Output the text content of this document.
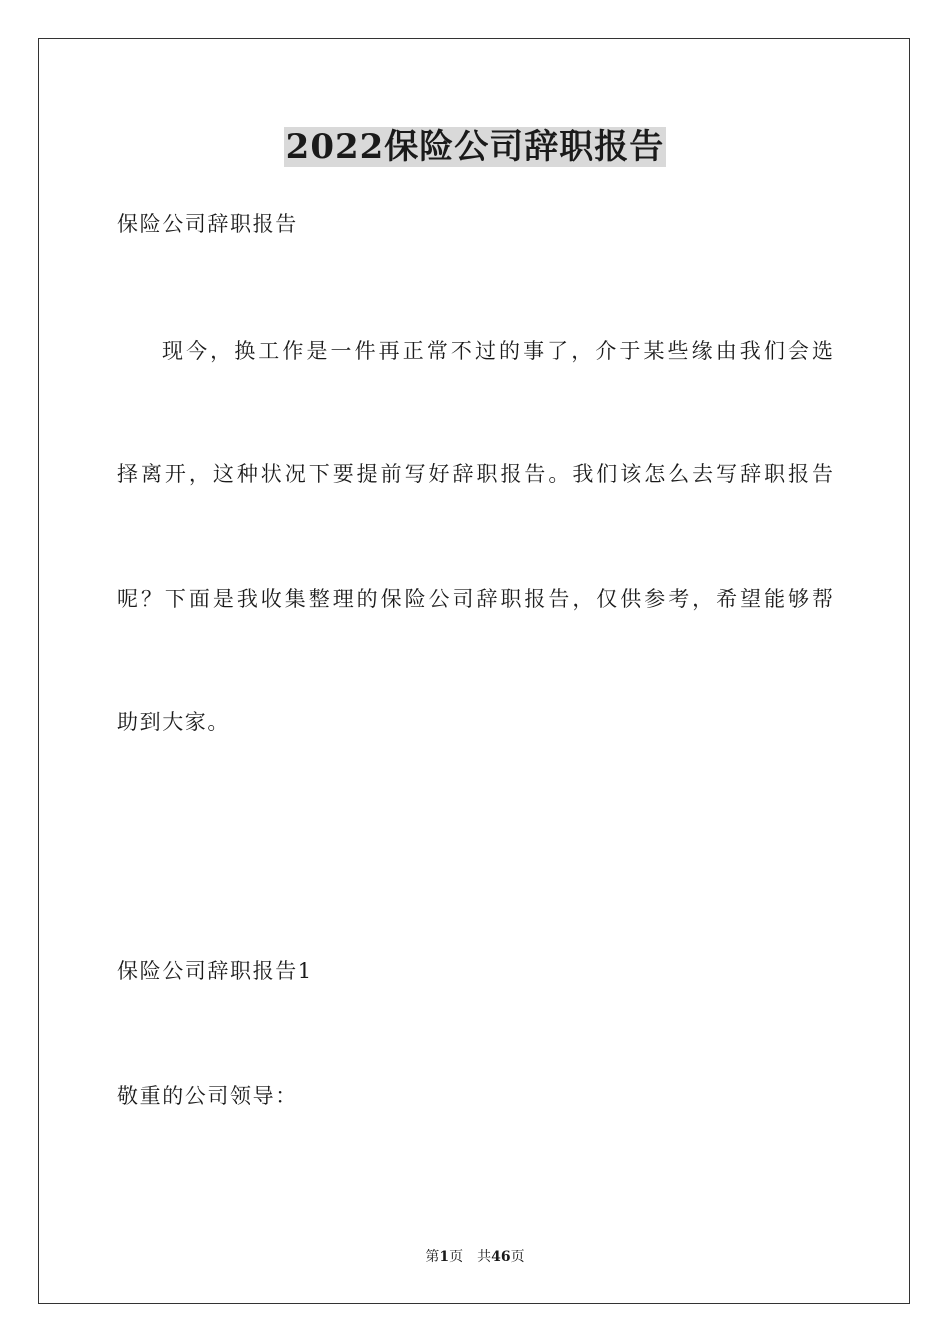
2022保险公司辞职报告
保险公司辞职报告
现今，换工作是一件再正常不过的事了，介于某些缘由我们会选
择离开，这种状况下要提前写好辞职报告。我们该怎么去写辞职报告
呢？下面是我收集整理的保险公司辞职报告，仅供参考，希望能够帮
助到大家。
保险公司辞职报告1
敬重的公司领导：
第1页 共46页
